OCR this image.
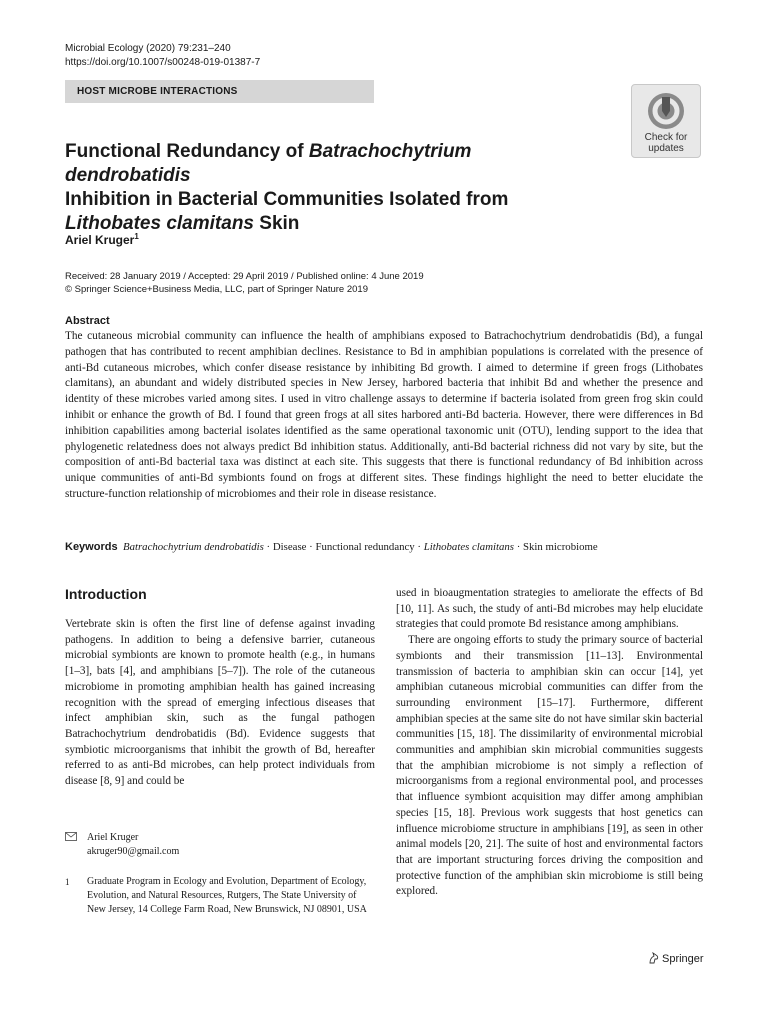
Microbial Ecology (2020) 79:231–240
https://doi.org/10.1007/s00248-019-01387-7
HOST MICROBE INTERACTIONS
Check for
updates
Functional Redundancy of Batrachochytrium dendrobatidis
Inhibition in Bacterial Communities Isolated from Lithobates clamitans Skin
Ariel Kruger$^1$
Received: 28 January 2019 / Accepted: 29 April 2019 / Published online: 4 June 2019
© Springer Science+Business Media, LLC, part of Springer Nature 2019
Abstract
The cutaneous microbial community can influence the health of amphibians exposed to Batrachochytrium dendrobatidis (Bd), a fungal pathogen that has contributed to recent amphibian declines. Resistance to Bd in amphibian populations is correlated with the presence of anti-Bd cutaneous microbes, which confer disease resistance by inhibiting Bd growth. I aimed to determine if green frogs (Lithobates clamitans), an abundant and widely distributed species in New Jersey, harbored bacteria that inhibit Bd and whether the presence and identity of these microbes varied among sites. I used in vitro challenge assays to determine if bacteria isolated from green frog skin could inhibit or enhance the growth of Bd. I found that green frogs at all sites harbored anti-Bd bacteria. However, there were differences in Bd inhibition capabilities among bacterial isolates identified as the same operational taxonomic unit (OTU), lending support to the idea that phylogenetic relatedness does not always predict Bd inhibition status. Additionally, anti-Bd bacterial richness did not vary by site, but the composition of anti-Bd bacterial taxa was distinct at each site. This suggests that there is functional redundancy of Bd inhibition across unique communities of anti-Bd symbionts found on frogs at different sites. These findings highlight the need to better elucidate the structure-function relationship of microbiomes and their role in disease resistance.
Keywords Batrachochytrium dendrobatidis · Disease · Functional redundancy · Lithobates clamitans · Skin microbiome
Introduction

Vertebrate skin is often the first line of defense against invading pathogens. In addition to being a defensive barrier, cutaneous microbial symbionts are known to promote health (e.g., in humans [1–3], bats [4], and amphibians [5–7]). The role of the cutaneous microbiome in promoting amphibian health has gained increasing recognition with the spread of emerging infectious diseases that infect amphibian skin, such as the fungal pathogen Batrachochytrium dendrobatidis (Bd). Evidence suggests that symbiotic microorganisms that inhibit the growth of Bd, hereafter referred to as anti-Bd microbes, can help protect individuals from disease [8, 9] and could be

used in bioaugmentation strategies to ameliorate the effects of Bd [10, 11]. As such, the study of anti-Bd microbes may help elucidate strategies that could promote Bd resistance among amphibians.

There are ongoing efforts to study the primary source of bacterial symbionts and their transmission [11–13]. Environmental transmission of bacteria to amphibian skin can occur [14], yet amphibian cutaneous microbial communities can differ from the surrounding environment [15–17]. Furthermore, different amphibian species at the same site do not have similar skin bacterial communities [15, 18]. The dissimilarity of environmental microbial communities and amphibian skin microbial communities suggests that the amphibian microbiome is not simply a reflection of microorganisms from a regional environmental pool, and processes that influence symbiont acquisition may differ among amphibian species [15, 18]. Previous work suggests that host genetics can influence microbiome structure in amphibians [19], as seen in other animal models [20, 21]. The suite of host and environmental factors that are important structuring forces driving the composition and protective function of the amphibian skin microbiome is still being explored.

Ariel Kruger
akruger90@gmail.com
1	Graduate Program in Ecology and Evolution, Department of Ecology, Evolution, and Natural Resources, Rutgers, The State University of New Jersey, 14 College Farm Road, New Brunswick, NJ 08901, USA
Springer
